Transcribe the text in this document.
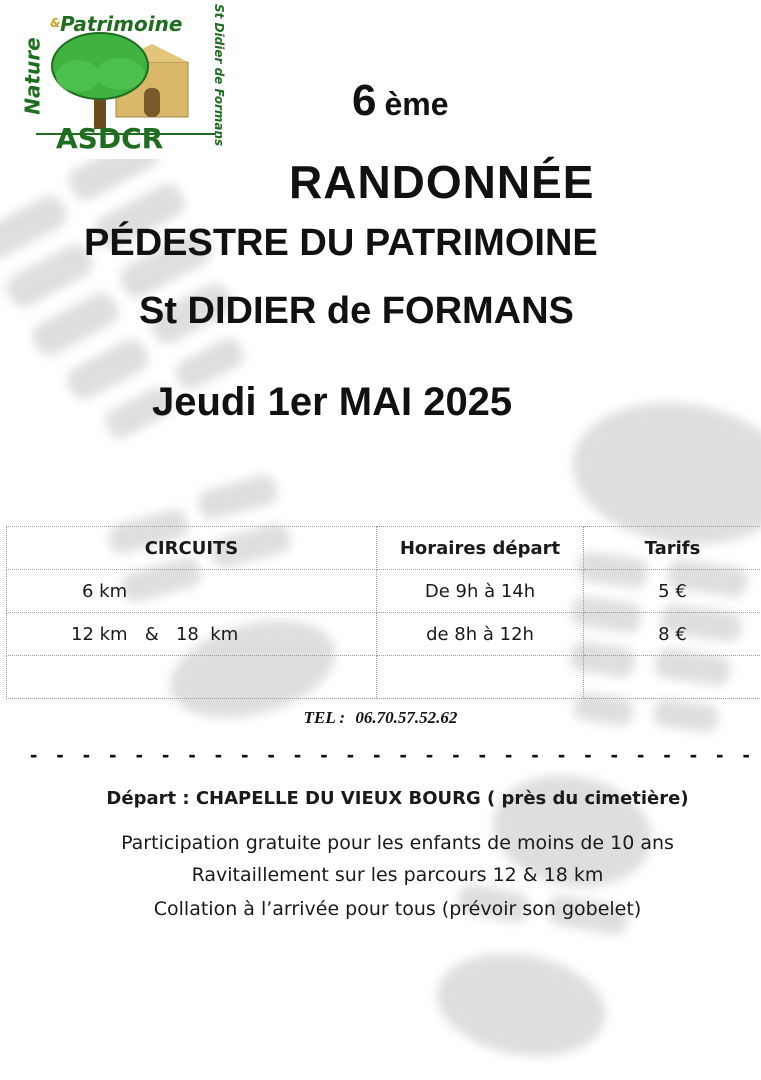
Patrimoine
&
Nature	St Didier de Formans
ASDCR
6 ème
RANDONNÉE
PÉDESTRE DU PATRIMOINE
St DIDIER de FORMANS
Jeudi 1er MAI 2025
CIRCUITS	Horaires départ	Tarifs
6 km	De 9h à 14h	5 €
12 km   &   18  km	de 8h à 12h	8 €

TEL : 06.70.57.52.62
- - - - - - - - - - - - - - - - - - - - - - - - - - - -
Départ : CHAPELLE DU VIEUX BOURG ( près du cimetière)
Participation gratuite pour les enfants de moins de 10 ans
Ravitaillement sur les parcours 12 & 18 km
Collation à l’arrivée pour tous (prévoir son gobelet)
